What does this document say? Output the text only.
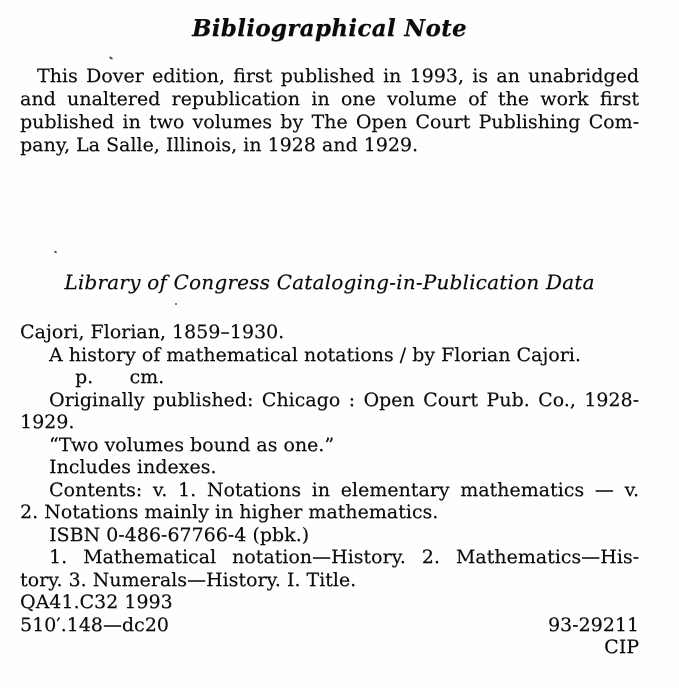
Bibliographical Note
This Dover edition, first published in 1993, is an unabridged
and unaltered republication in one volume of the work first
published in two volumes by The Open Court Publishing Com-
pany, La Salle, Illinois, in 1928 and 1929.
Library of Congress Cataloging-in-Publication Data
Cajori, Florian, 1859–1930.
A history of mathematical notations / by Florian Cajori.
p.      cm.
Originally published: Chicago : Open Court Pub. Co., 1928-
1929.
“Two volumes bound as one.”
Includes indexes.
Contents: v. 1. Notations in elementary mathematics — v.
2. Notations mainly in higher mathematics.
ISBN 0-486-67766-4 (pbk.)
1. Mathematical notation—History. 2. Mathematics—His-
tory. 3. Numerals—History. I. Title.
QA41.C32 1993
510′.148—dc20	93-29211
CIP
